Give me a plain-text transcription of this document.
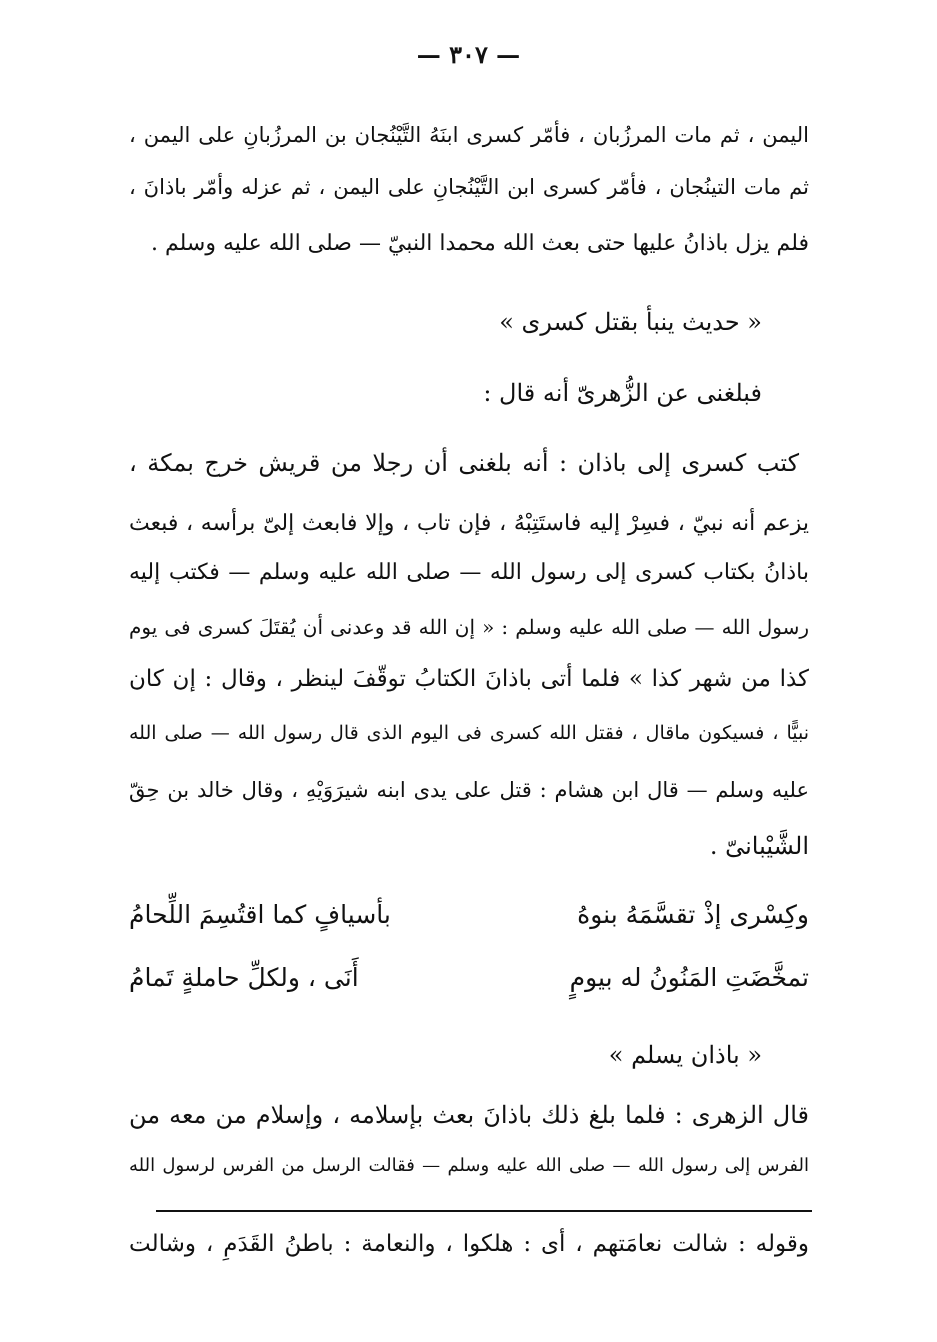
— ٣٠٧ —
اليمن ، ثم مات المرزُبان ، فأمّر كسرى ابنَهُ التَّيْنُجان بن المرزُبانِ على اليمن ،
ثم مات التينُجان ، فأمّر كسرى ابن التَّيْنُجانِ على اليمن ، ثم عزله وأمّر باذانَ ،
فلم يزل باذانُ عليها حتى بعث الله محمدا النبيّ — صلى الله عليه وسلم .
« حديث ينبأ بقتل كسرى »
فبلغنى عن الزُّهرىّ أنه قال :
كتب كسرى إلى باذان : أنه بلغنى أن رجلا من قريش خرج بمكة ،
يزعم أنه نبيّ ، فسِرْ إليه فاستَتِبْهُ ، فإن تاب ، وإلا فابعث إلىّ برأسه ، فبعث
باذانُ بكتاب كسرى إلى رسول الله — صلى الله عليه وسلم — فكتب إليه
رسول الله — صلى الله عليه وسلم : « إن الله قد وعدنى أن يُقتَلَ كسرى فى يوم
كذا من شهر كذا » فلما أتى باذانَ الكتابُ توقّفَ لينظر ، وقال : إن كان
نبيًّا ، فسيكون ماقال ، فقتل الله كسرى فى اليوم الذى قال رسول الله — صلى الله
عليه وسلم — قال ابن هشام : قتل على يدى ابنه شيرَوَيْهِ ، وقال خالد بن حِقّ
الشَّيْبانىّ .
وكِسْرى إذْ تقسَّمَهُ بنوهُ
بأسيافٍ كما اقتُسِمَ اللِّحامُ
تمخَّضَتِ المَنُونُ له بيومٍ
أَنَى ، ولكلِّ حاملةٍ تَمامُ
« باذان يسلم »
قال الزهرى : فلما بلغ ذلك باذانَ بعث بإسلامه ، وإسلام من معه من
الفرس إلى رسول الله — صلى الله عليه وسلم — فقالت الرسل من الفرس لرسول الله
وقوله : شالت نعامَتهم ، أى : هلكوا ، والنعامة : باطنُ القَدَمِ ، وشالت
